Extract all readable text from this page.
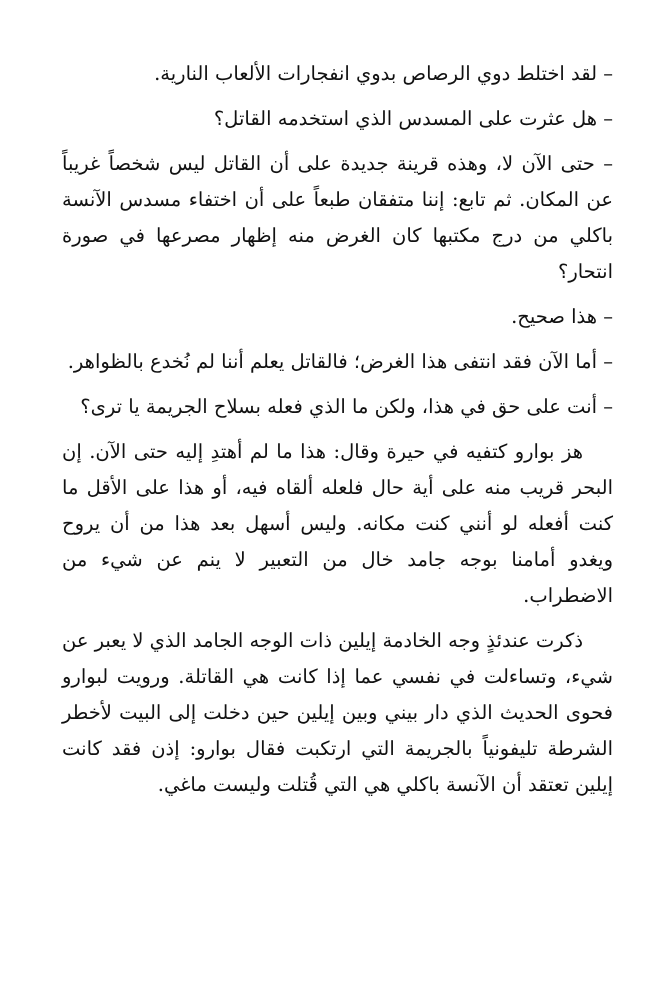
– لقد اختلط دوي الرصاص بدوي انفجارات الألعاب النارية.

– هل عثرت على المسدس الذي استخدمه القاتل؟

– حتى الآن لا، وهذه قرينة جديدة على أن القاتل ليس شخصاً غريباً عن المكان. ثم تابع: إننا متفقان طبعاً على أن اختفاء مسدس الآنسة باكلي من درج مكتبها كان الغرض منه إظهار مصرعها في صورة انتحار؟

– هذا صحيح.

– أما الآن فقد انتفى هذا الغرض؛ فالقاتل يعلم أننا لم نُخدع بالظواهر.

– أنت على حق في هذا، ولكن ما الذي فعله بسلاح الجريمة يا ترى؟

هز بوارو كتفيه في حيرة وقال: هذا ما لم أهتدِ إليه حتى الآن. إن البحر قريب منه على أية حال فلعله ألقاه فيه، أو هذا على الأقل ما كنت أفعله لو أنني كنت مكانه. وليس أسهل بعد هذا من أن يروح ويغدو أمامنا بوجه جامد خال من التعبير لا ينم عن شيء من الاضطراب.

ذكرت عندئذٍ وجه الخادمة إيلين ذات الوجه الجامد الذي لا يعبر عن شيء، وتساءلت في نفسي عما إذا كانت هي القاتلة. ورويت لبوارو فحوى الحديث الذي دار بيني وبين إيلين حين دخلت إلى البيت لأخطر الشرطة تليفونياً بالجريمة التي ارتكبت فقال بوارو: إذن فقد كانت إيلين تعتقد أن الآنسة باكلي هي التي قُتلت وليست ماغي.
